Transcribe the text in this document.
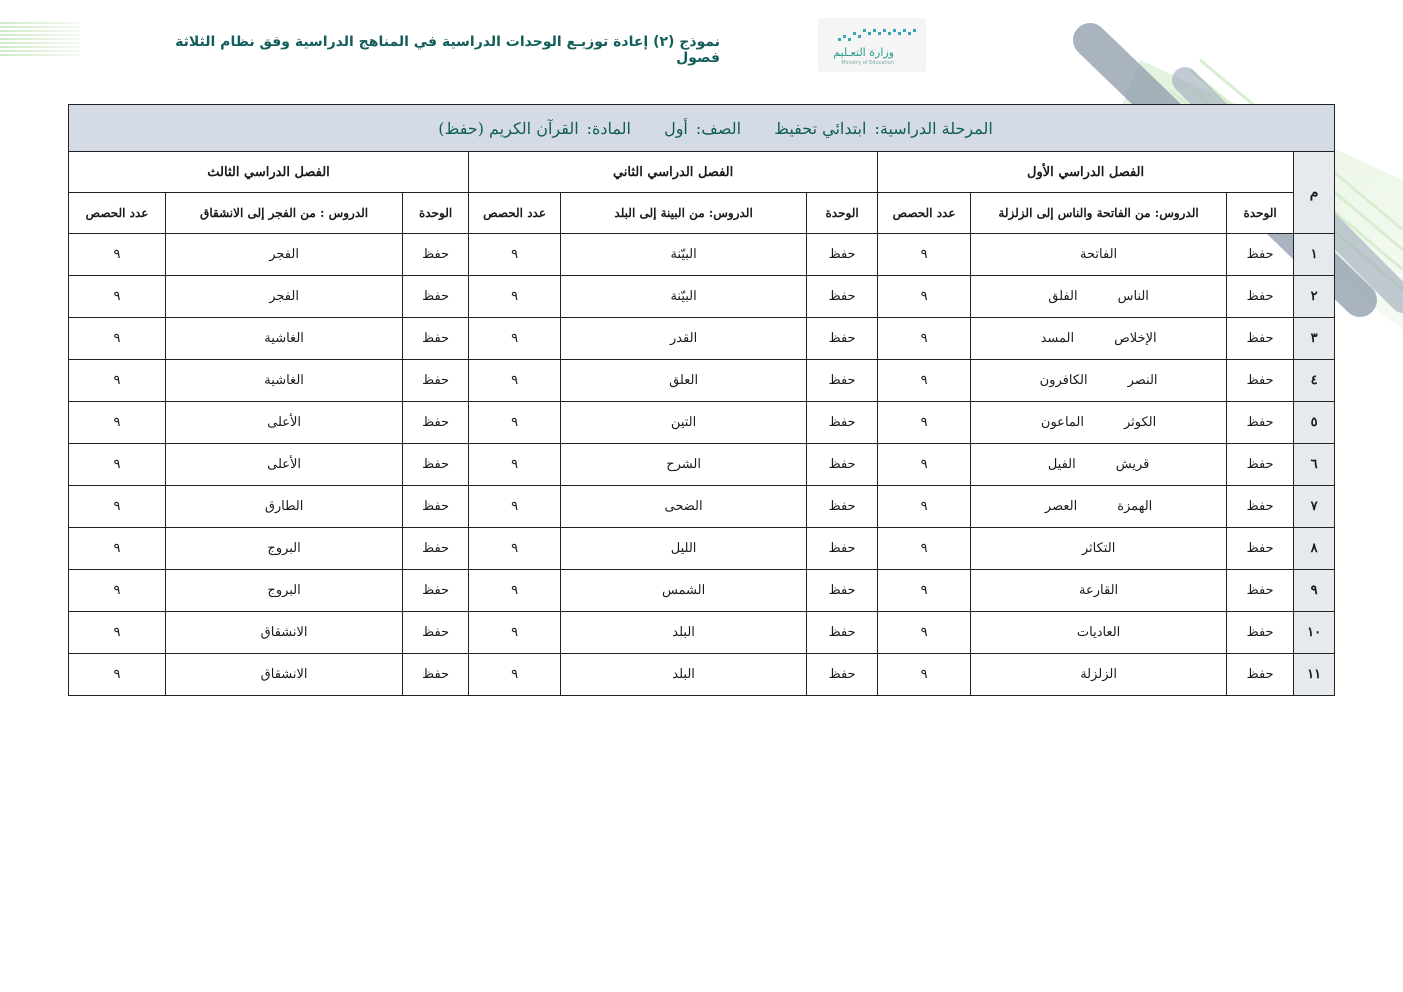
وزارة التعـليم
Ministry of Education
نموذج (٢) إعادة توزيـع الوحدات الدراسية في المناهج الدراسية وفق نظام الثلاثة فصول
المرحلة الدراسية:ابتدائي تحفيظ الصف:أول المادة:القرآن الكريم (حفظ)									
م	الفصل الدراسي الأول			الفصل الدراسي الثاني			الفصل الدراسي الثالث		
	الوحدة	الدروس: من الفاتحة والناس إلى الزلزلة	عدد الحصص	الوحدة	الدروس: من البينة إلى البلد	عدد الحصص	الوحدة	الدروس : من الفجر إلى الانشقاق	عدد الحصص
١	حفظ	الفاتحة	٩	حفظ	البيّنة	٩	حفظ	الفجر	٩
٢	حفظ	الناسالفلق	٩	حفظ	البيّنة	٩	حفظ	الفجر	٩
٣	حفظ	الإخلاصالمسد	٩	حفظ	القدر	٩	حفظ	الغاشية	٩
٤	حفظ	النصرالكافرون	٩	حفظ	العلق	٩	حفظ	الغاشية	٩
٥	حفظ	الكوثرالماعون	٩	حفظ	التين	٩	حفظ	الأعلى	٩
٦	حفظ	قريشالفيل	٩	حفظ	الشرح	٩	حفظ	الأعلى	٩
٧	حفظ	الهمزةالعصر	٩	حفظ	الضحى	٩	حفظ	الطارق	٩
٨	حفظ	التكاثر	٩	حفظ	الليل	٩	حفظ	البروج	٩
٩	حفظ	القارعة	٩	حفظ	الشمس	٩	حفظ	البروج	٩
١٠	حفظ	العاديات	٩	حفظ	البلد	٩	حفظ	الانشقاق	٩
١١	حفظ	الزلزلة	٩	حفظ	البلد	٩	حفظ	الانشقاق	٩
